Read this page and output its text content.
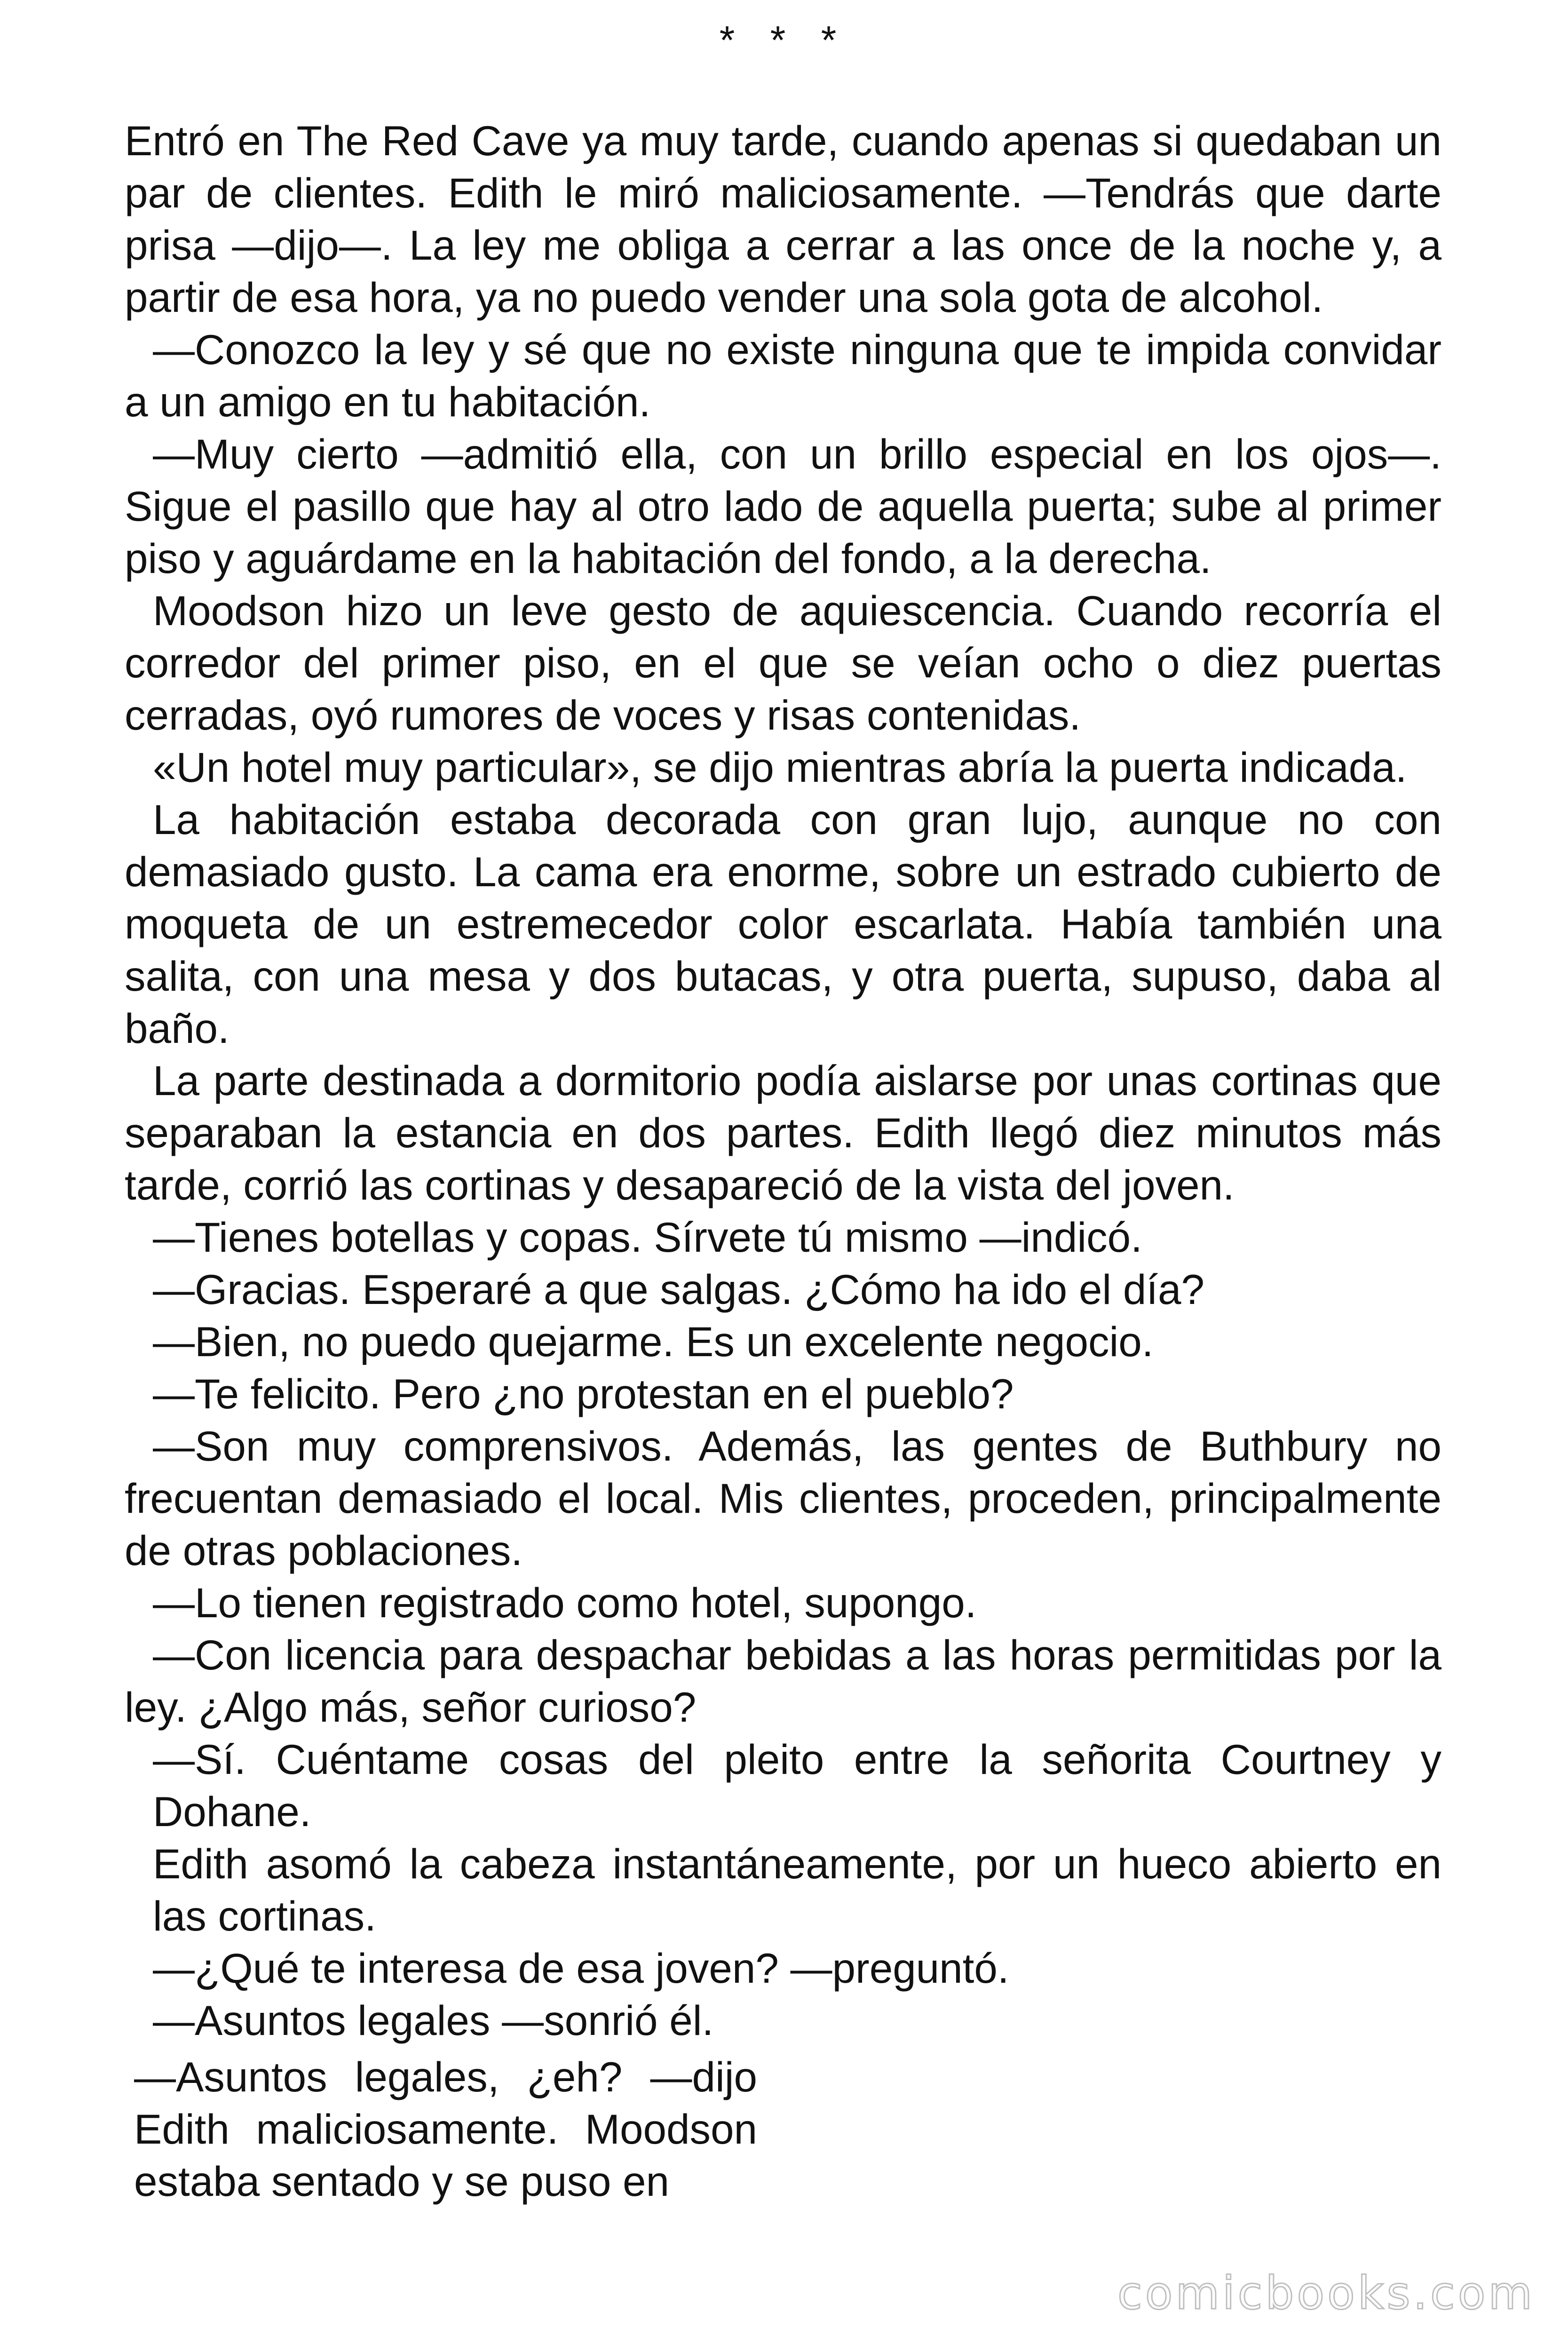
* * *

Entró en The Red Cave ya muy tarde, cuando apenas si quedaban un par de clientes. Edith le miró maliciosamente. —Tendrás que darte prisa —dijo—. La ley me obliga a cerrar a las once de la noche y, a partir de esa hora, ya no puedo vender una sola gota de alcohol.

—Conozco la ley y sé que no existe ninguna que te impida convidar a un amigo en tu habitación.

—Muy cierto —admitió ella, con un brillo especial en los ojos—. Sigue el pasillo que hay al otro lado de aquella puerta; sube al primer piso y aguárdame en la habitación del fondo, a la derecha.

Moodson hizo un leve gesto de aquiescencia. Cuando recorría el corredor del primer piso, en el que se veían ocho o diez puertas cerradas, oyó rumores de voces y risas contenidas.

«Un hotel muy particular», se dijo mientras abría la puerta indicada.

La habitación estaba decorada con gran lujo, aunque no con demasiado gusto. La cama era enorme, sobre un estrado cubierto de moqueta de un estremecedor color escarlata. Había también una salita, con una mesa y dos butacas, y otra puerta, supuso, daba al baño.

La parte destinada a dormitorio podía aislarse por unas cortinas que separaban la estancia en dos partes. Edith llegó diez minutos más tarde, corrió las cortinas y desapareció de la vista del joven.

—Tienes botellas y copas. Sírvete tú mismo —indicó.

—Gracias. Esperaré a que salgas. ¿Cómo ha ido el día?

—Bien, no puedo quejarme. Es un excelente negocio.

—Te felicito. Pero ¿no protestan en el pueblo?

—Son muy comprensivos. Además, las gentes de Buthbury no frecuentan demasiado el local. Mis clientes, proceden, principalmente de otras poblaciones.

—Lo tienen registrado como hotel, supongo.

—Con licencia para despachar bebidas a las horas permitidas por la ley. ¿Algo más, señor curioso?

—Sí. Cuéntame cosas del pleito entre la señorita Courtney y Dohane.

Edith asomó la cabeza instantáneamente, por un hueco abierto en las cortinas.

—¿Qué te interesa de esa joven? —preguntó.

—Asuntos legales —sonrió él.

—Asuntos legales, ¿eh? —dijo Edith maliciosamente. Moodson estaba sentado y se puso en

comicbooks.com
